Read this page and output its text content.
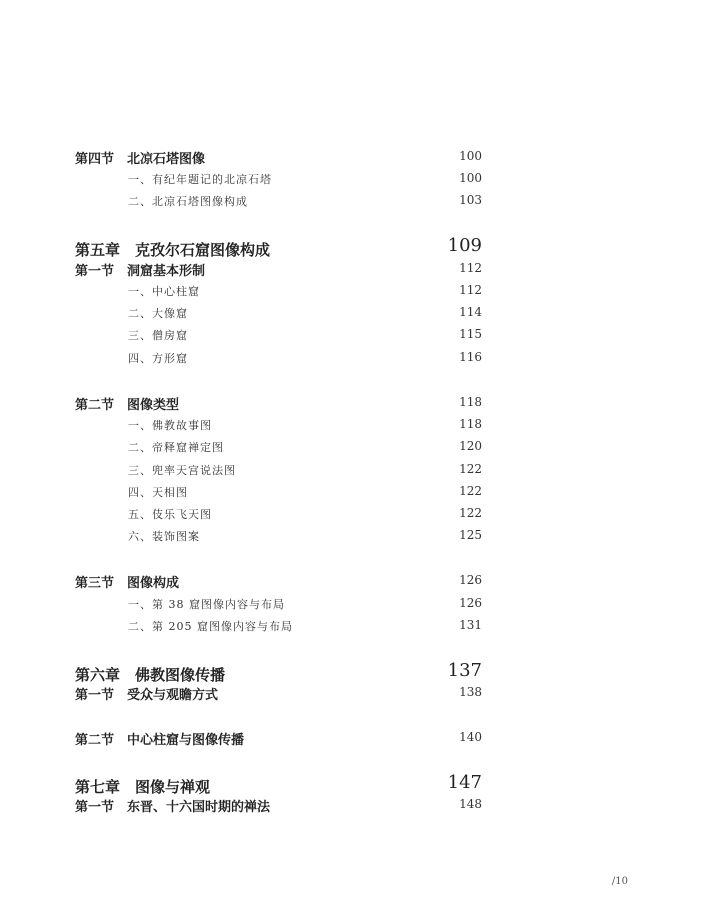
第四节　北凉石塔图像	100
一、有纪年题记的北凉石塔	100
二、北凉石塔图像构成	103
第五章　克孜尔石窟图像构成	109
第一节　洞窟基本形制	112
一、中心柱窟	112
二、大像窟	114
三、僧房窟	115
四、方形窟	116
第二节　图像类型	118
一、佛教故事图	118
二、帝释窟禅定图	120
三、兜率天宫说法图	122
四、天相图	122
五、伎乐飞天图	122
六、装饰图案	125
第三节　图像构成	126
一、第 38 窟图像内容与布局	126
二、第 205 窟图像内容与布局	131
第六章　佛教图像传播	137
第一节　受众与观瞻方式	138
第二节　中心柱窟与图像传播	140
第七章　图像与禅观	147
第一节　东晋、十六国时期的禅法	148
/10
